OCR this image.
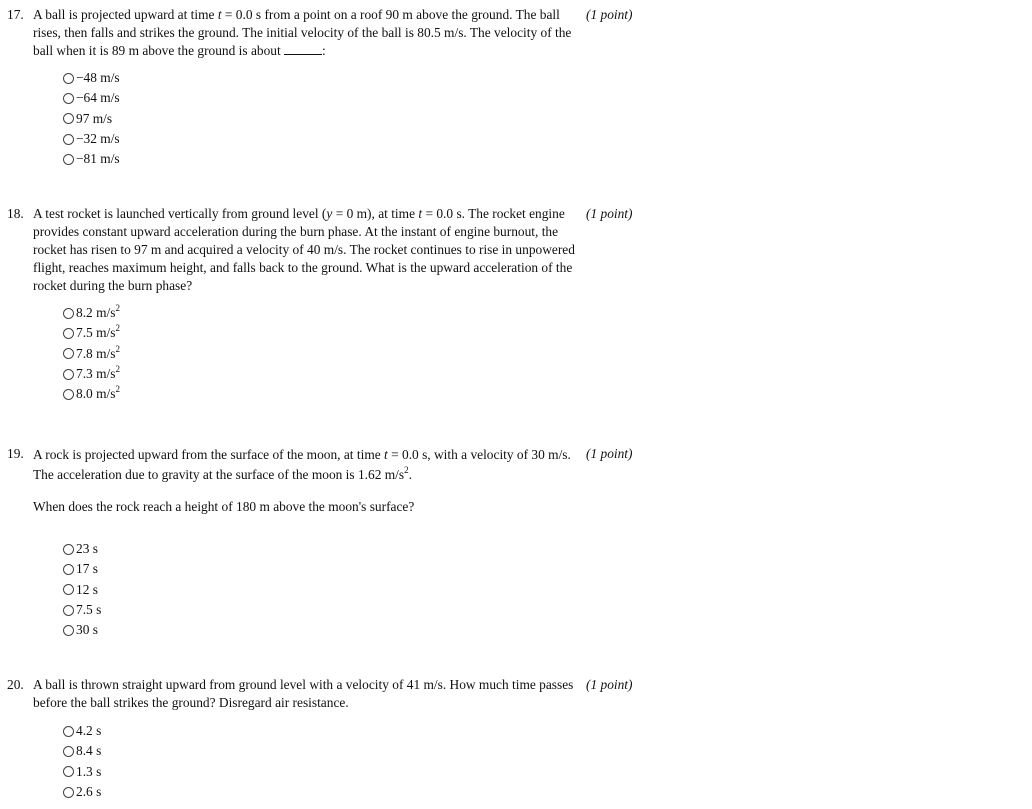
17. A ball is projected upward at time t = 0.0 s from a point on a roof 90 m above the ground. The ball rises, then falls and strikes the ground. The initial velocity of the ball is 80.5 m/s. The velocity of the ball when it is 89 m above the ground is about	:
(1 point)
−48 m/s
−64 m/s
97 m/s
−32 m/s
−81 m/s
18. A test rocket is launched vertically from ground level (y = 0 m), at time t = 0.0 s. The rocket engine provides constant upward acceleration during the burn phase. At the instant of engine burnout, the rocket has risen to 97 m and acquired a velocity of 40 m/s. The rocket continues to rise in unpowered flight, reaches maximum height, and falls back to the ground. What is the upward acceleration of the rocket during the burn phase?
(1 point)
8.2 $m/s^2$
7.5 $m/s^2$
7.8 $m/s^2$
7.3 $m/s^2$
8.0 $m/s^2$
19. A rock is projected upward from the surface of the moon, at time t = 0.0 s, with a velocity of 30 m/s. The acceleration due to gravity at the surface of the moon is 1.62 $m/s^2$.
(1 point)
When does the rock reach a height of 180 m above the moon's surface?
23 s
17 s
12 s
7.5 s
30 s
20. A ball is thrown straight upward from ground level with a velocity of 41 m/s. How much time passes before the ball strikes the ground? Disregard air resistance.
(1 point)
4.2 s
8.4 s
1.3 s
2.6 s
